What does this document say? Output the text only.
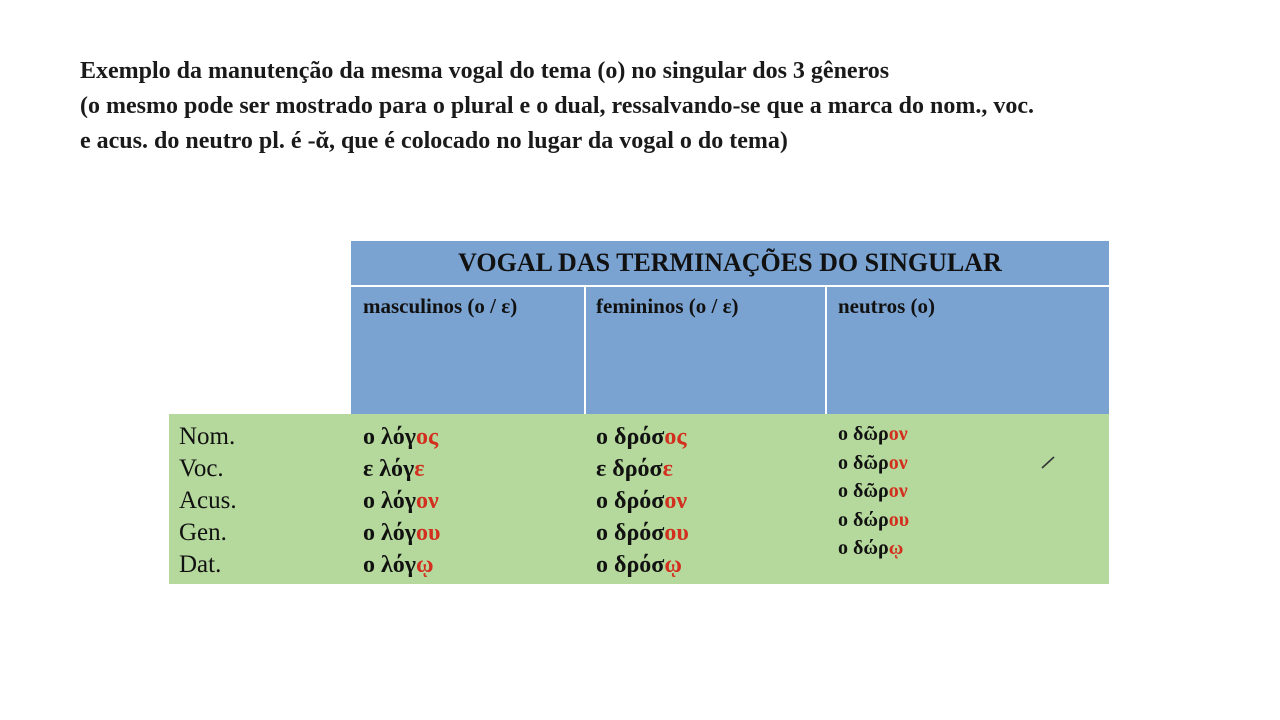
Exemplo da manutenção da mesma vogal do tema (o) no singular dos 3 gêneros
(o mesmo pode ser mostrado para o plural e o dual, ressalvando-se que a marca do nom., voc.
e acus. do neutro pl. é -ᾰ, que é colocado no lugar da vogal o do tema)
VOGAL DAS TERMINAÇÕES DO SINGULAR
masculinos (o / ε)	femininos (o / ε)	neutros (o)
Nom.
Voc.
Acus.
Gen.
Dat.
ο λόγος
ε λόγε
ο λόγον
ο λόγου
ο λόγῳ
ο δρόσος
ε δρόσε
ο δρόσον
ο δρόσου
ο δρόσῳ
ο δῶρον
ο δῶρον
ο δῶρον
ο δώρου
ο δώρῳ
